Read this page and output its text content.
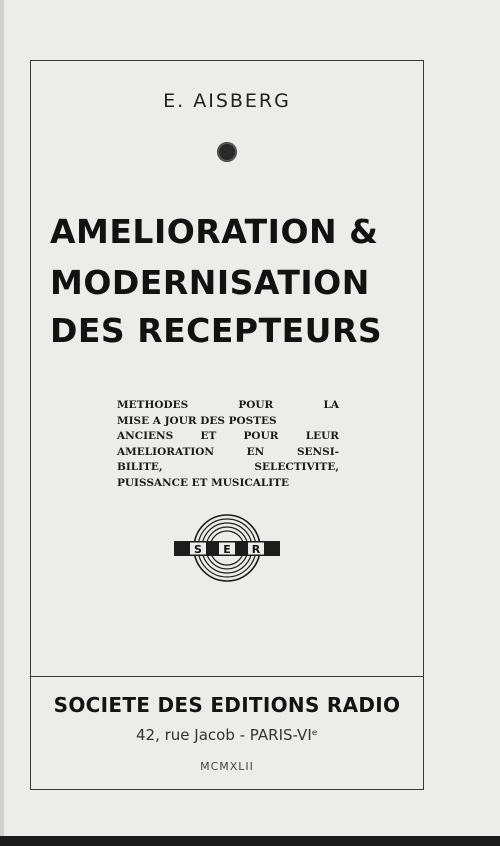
E. AISBERG
AMELIORATION &
MODERNISATION
DES RECEPTEURS
METHODES	POUR	LA
MISE A JOUR DES POSTES
ANCIENS	ET	POUR	LEUR
AMELIORATION	EN	SENSI-
BILITE,	SELECTIVITE,
PUISSANCE ET MUSICALITE
S E R
SOCIETE DES EDITIONS RADIO
42, rue Jacob - PARIS-VIᵉ
MCMXLII
